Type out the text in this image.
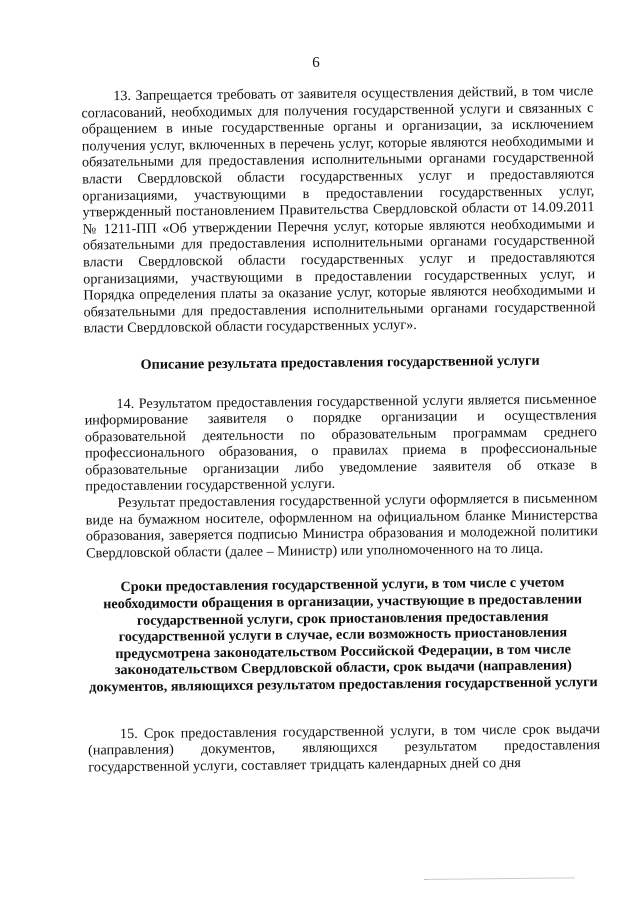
6

13. Запрещается требовать от заявителя осуществления действий, в том числе согласований, необходимых для получения государственной услуги и связанных с обращением в иные государственные органы и организации, за исключением получения услуг, включенных в перечень услуг, которые являются необходимыми и обязательными для предоставления исполнительными органами государственной власти Свердловской области государственных услуг и предоставляются организациями, участвующими в предоставлении государственных услуг, утвержденный постановлением Правительства Свердловской области от 14.09.2011 № 1211-ПП «Об утверждении Перечня услуг, которые являются необходимыми и обязательными для предоставления исполнительными органами государственной власти Свердловской области государственных услуг и предоставляются организациями, участвующими в предоставлении государственных услуг, и Порядка определения платы за оказание услуг, которые являются необходимыми и обязательными для предоставления исполнительными органами государственной власти Свердловской области государственных услуг».

Описание результата предоставления государственной услуги

14. Результатом предоставления государственной услуги является письменное информирование заявителя о порядке организации и осуществления образовательной деятельности по образовательным программам среднего профессионального образования, о правилах приема в профессиональные образовательные организации либо уведомление заявителя об отказе в предоставлении государственной услуги.

Результат предоставления государственной услуги оформляется в письменном виде на бумажном носителе, оформленном на официальном бланке Министерства образования, заверяется подписью Министра образования и молодежной политики Свердловской области (далее – Министр) или уполномоченного на то лица.

Сроки предоставления государственной услуги, в том числе с учетом необходимости обращения в организации, участвующие в предоставлении государственной услуги, срок приостановления предоставления государственной услуги в случае, если возможность приостановления предусмотрена законодательством Российской Федерации, в том числе законодательством Свердловской области, срок выдачи (направления) документов, являющихся результатом предоставления государственной услуги

15. Срок предоставления государственной услуги, в том числе срок выдачи (направления) документов, являющихся результатом предоставления государственной услуги, составляет тридцать календарных дней со дня
